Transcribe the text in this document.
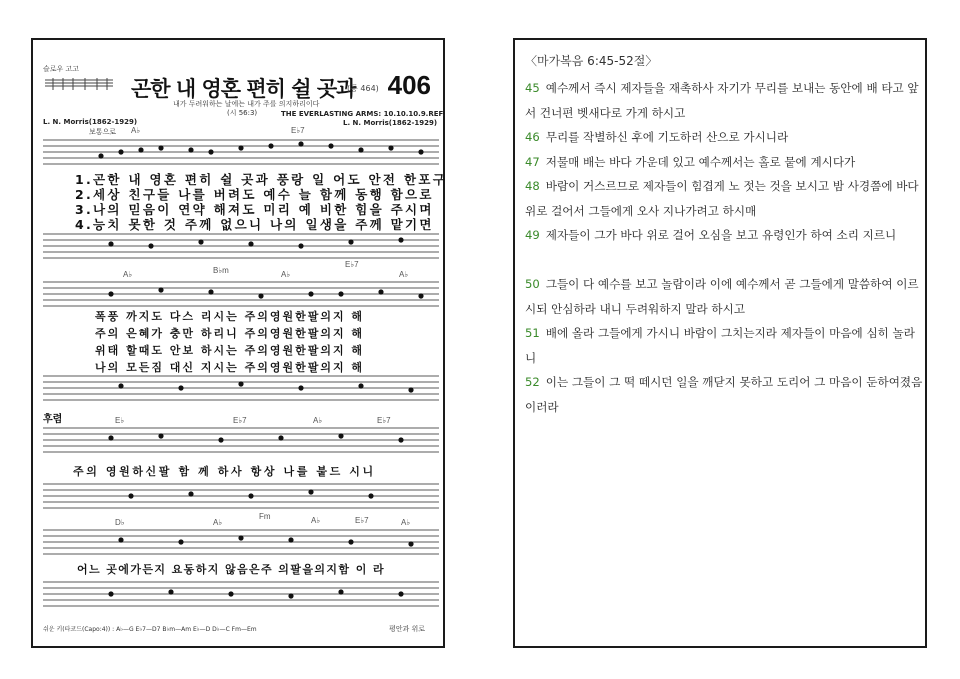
슬로우 고고
곤한 내 영혼 편히 쉴 곳과
(통 464) 406
내가 두려워하는 날에는 내가 주를 의지하리이다
(시 56:3)	THE EVERLASTING ARMS: 10.10.10.9.REF.
L. N. Morris(1862-1929)	L. N. Morris(1862-1929)
보통으로 A♭	E♭7
1.곤한 내 영혼 편히 쉴 곳과 풍랑 일 어도 안전 한포구
2.세상 친구들 나를 버려도 예수 늘 함께 동행 함으로
3.나의 믿음이 연약 해져도 미리 예 비한 힘을 주시며
4.능치 못한 것 주께 없으니 나의 일생을 주께 맡기면
A♭	B♭m	A♭
E♭7
A♭
폭풍 까지도 다스 리시는 주의영원한팔의지 해
주의 은혜가 충만 하리니 주의영원한팔의지 해
위태 할때도 안보 하시는 주의영원한팔의지 해
나의 모든짐 대신 지시는 주의영원한팔의지 해
후렴	E♭	E♭7	A♭	E♭7
주의 영원하신팔 함 께 하사 항상 나를 붙드 시니
D♭	A♭
Fm	A♭	E♭7	A♭
어느 곳에가든지 요동하지 않음은주 의팔을의지함 이 라
쉬운 키(타코드(Capo:4)) : A♭—G E♭7—D7 B♭m—Am E♭—D D♭—C Fm—Em	평안과 위로
〈마가복음 6:45-52절〉
45 예수께서 즉시 제자들을 재촉하사 자기가 무리를 보내는 동안에 배 타고 앞서 건너편 벳새다로 가게 하시고
46 무리를 작별하신 후에 기도하러 산으로 가시니라
47 저물매 배는 바다 가운데 있고 예수께서는 홀로 뭍에 계시다가
48 바람이 거스르므로 제자들이 힘겹게 노 젓는 것을 보시고 밤 사경쯤에 바다 위로 걸어서 그들에게 오사 지나가려고 하시매
49 제자들이 그가 바다 위로 걸어 오심을 보고 유령인가 하여 소리 지르니
50 그들이 다 예수를 보고 놀람이라 이에 예수께서 곧 그들에게 말씀하여 이르시되 안심하라 내니 두려워하지 말라 하시고
51 배에 올라 그들에게 가시니 바람이 그치는지라 제자들이 마음에 심히 놀라니
52 이는 그들이 그 떡 떼시던 일을 깨닫지 못하고 도리어 그 마음이 둔하여졌음이러라
